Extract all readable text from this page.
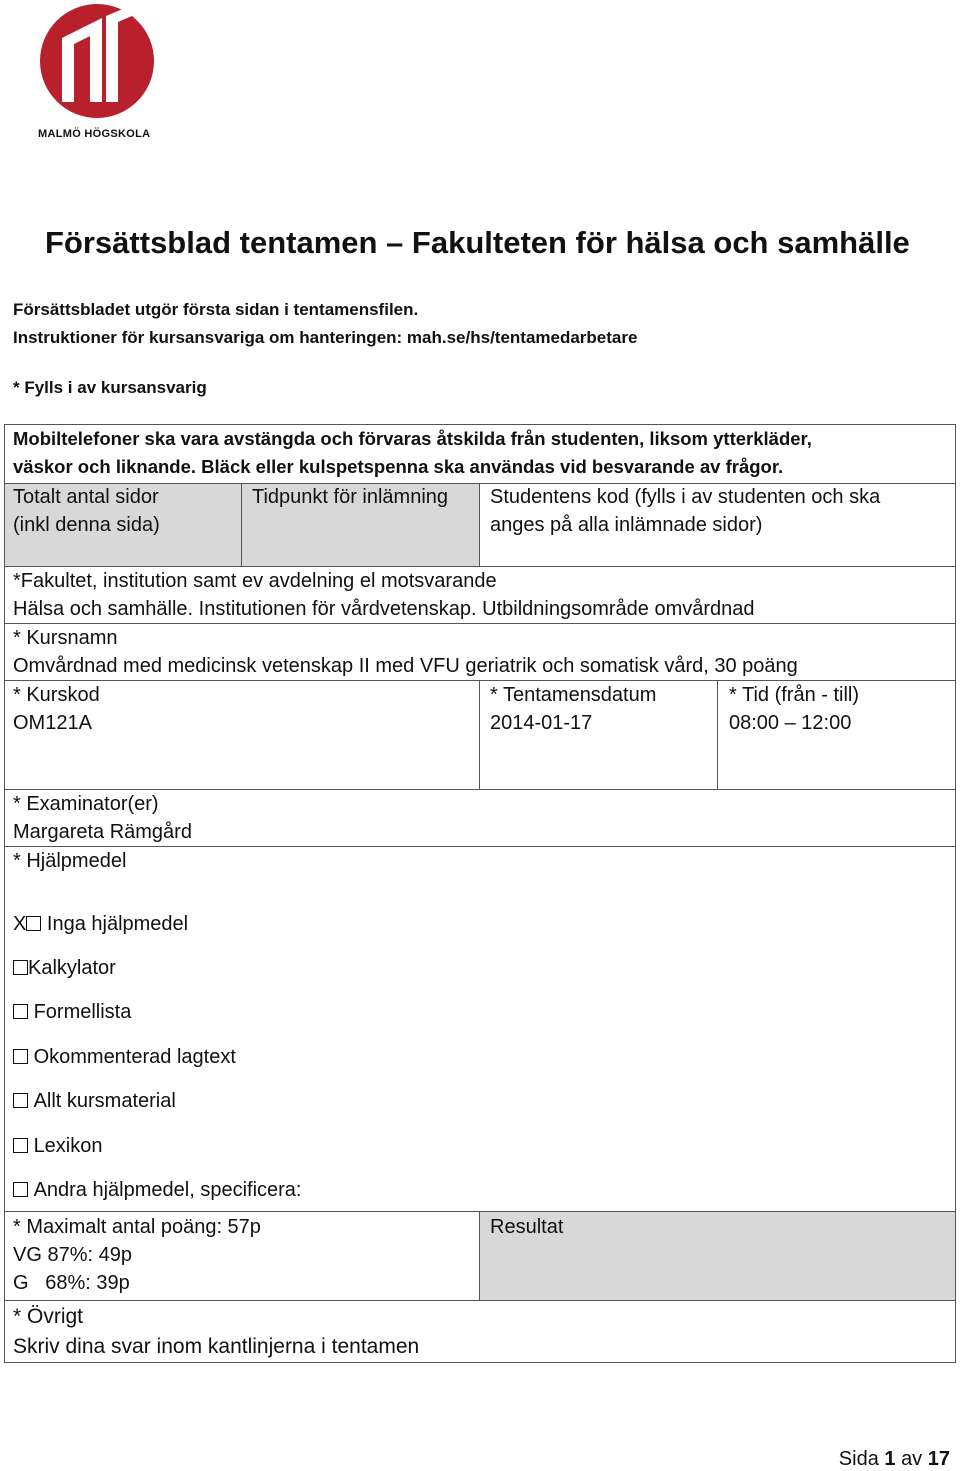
MALMÖ HÖGSKOLA
Försättsblad tentamen – Fakulteten för hälsa och samhälle
Försättsbladet utgör första sidan i tentamensfilen.
Instruktioner för kursansvariga om hanteringen: mah.se/hs/tentamedarbetare
* Fylls i av kursansvarig
Mobiltelefoner ska vara avstängda och förvaras åtskilda från studenten, liksom ytterkläder,
väskor och liknande. Bläck eller kulspetspenna ska användas vid besvarande av frågor.
Totalt antal sidor
(inkl denna sida)
Tidpunkt för inlämning Studentens kod (fylls i av studenten och ska
anges på alla inlämnade sidor)
*Fakultet, institution samt ev avdelning el motsvarande
Hälsa och samhälle. Institutionen för vårdvetenskap. Utbildningsområde omvårdnad
* Kursnamn
Omvårdnad med medicinsk vetenskap II med VFU geriatrik och somatisk vård, 30 poäng
* Kurskod
OM121A
* Tentamensdatum
2014-01-17
* Tid (från - till)
08:00 – 12:00
* Examinator(er)
Margareta Rämgård
* Hjälpmedel
X Inga hjälpmedel
Kalkylator
Formellista
Okommenterad lagtext
Allt kursmaterial
Lexikon
Andra hjälpmedel, specificera:
* Maximalt antal poäng: 57p
VG 87%: 49p
G   68%: 39p
Resultat
* Övrigt
Skriv dina svar inom kantlinjerna i tentamen
Sida 1 av 17
